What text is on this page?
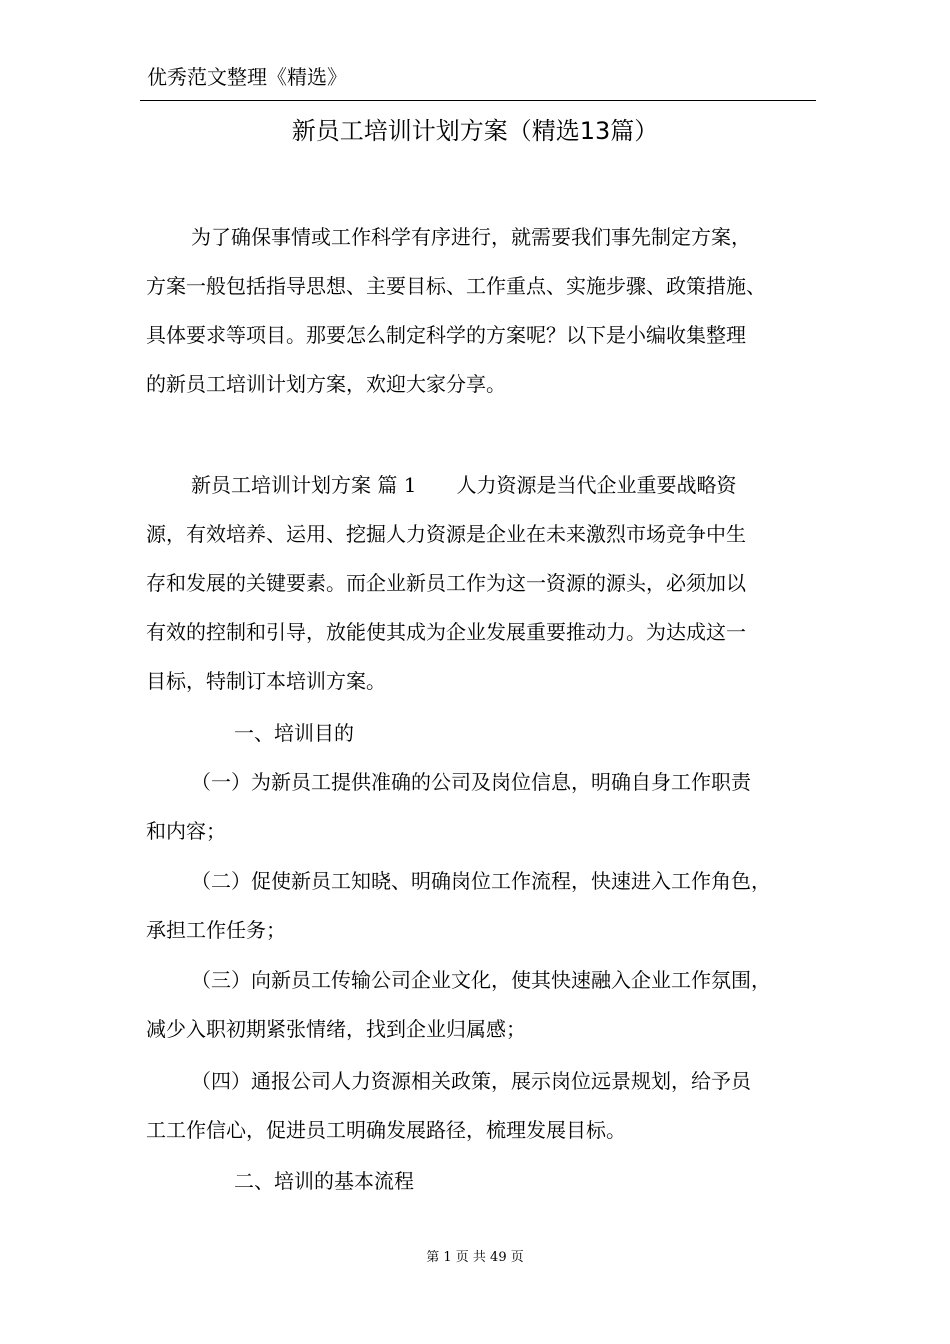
优秀范文整理《精选》
新员工培训计划方案（精选13篇）

为了确保事情或工作科学有序进行，就需要我们事先制定方案，

方案一般包括指导思想、主要目标、工作重点、实施步骤、政策措施、

具体要求等项目。那要怎么制定科学的方案呢？以下是小编收集整理

的新员工培训计划方案，欢迎大家分享。

新员工培训计划方案 篇 1　　人力资源是当代企业重要战略资

源，有效培养、运用、挖掘人力资源是企业在未来激烈市场竞争中生

存和发展的关键要素。而企业新员工作为这一资源的源头，必须加以

有效的控制和引导，放能使其成为企业发展重要推动力。为达成这一

目标，特制订本培训方案。

一、培训目的

（一）为新员工提供准确的公司及岗位信息，明确自身工作职责

和内容；

（二）促使新员工知晓、明确岗位工作流程，快速进入工作角色，

承担工作任务；

（三）向新员工传输公司企业文化，使其快速融入企业工作氛围，

减少入职初期紧张情绪，找到企业归属感；

（四）通报公司人力资源相关政策，展示岗位远景规划，给予员

工工作信心，促进员工明确发展路径，梳理发展目标。

二、培训的基本流程

第 1 页 共 49 页
